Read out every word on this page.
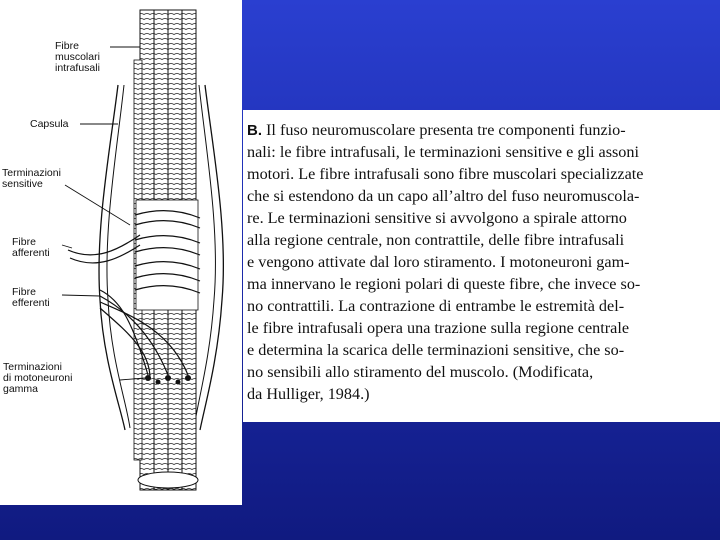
Fibre
muscolari
intrafusali
Capsula
Terminazioni
sensitive
Fibre
afferenti
Fibre
efferenti
Terminazioni
di motoneuroni
gamma
B. Il fuso neuromuscolare presenta tre componenti funzio-
nali: le fibre intrafusali, le terminazioni sensitive e gli assoni
motori. Le fibre intrafusali sono fibre muscolari specializzate
che si estendono da un capo all’altro del fuso neuromuscola-
re. Le terminazioni sensitive si avvolgono a spirale attorno
alla regione centrale, non contrattile, delle fibre intrafusali
e vengono attivate dal loro stiramento. I motoneuroni gam-
ma innervano le regioni polari di queste fibre, che invece so-
no contrattili. La contrazione di entrambe le estremità del-
le fibre intrafusali opera una trazione sulla regione centrale
e determina la scarica delle terminazioni sensitive, che so-
no sensibili allo stiramento del muscolo. (Modificata,
da Hulliger, 1984.)
